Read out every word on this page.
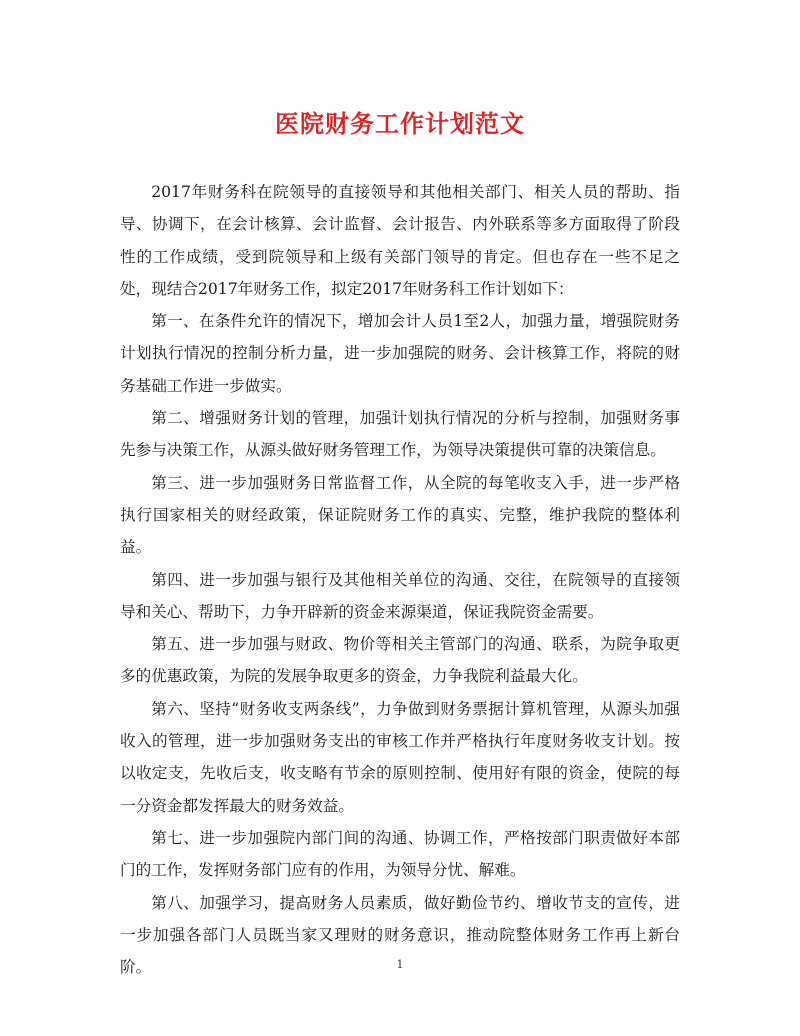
医院财务工作计划范文

2017年财务科在院领导的直接领导和其他相关部门、相关人员的帮助、指导、协调下，在会计核算、会计监督、会计报告、内外联系等多方面取得了阶段性的工作成绩，受到院领导和上级有关部门领导的肯定。但也存在一些不足之处，现结合2017年财务工作，拟定2017年财务科工作计划如下：

第一、在条件允许的情况下，增加会计人员1至2人，加强力量，增强院财务计划执行情况的控制分析力量，进一步加强院的财务、会计核算工作，将院的财务基础工作进一步做实。

第二、增强财务计划的管理，加强计划执行情况的分析与控制，加强财务事先参与决策工作，从源头做好财务管理工作，为领导决策提供可靠的决策信息。

第三、进一步加强财务日常监督工作，从全院的每笔收支入手，进一步严格执行国家相关的财经政策，保证院财务工作的真实、完整，维护我院的整体利益。

第四、进一步加强与银行及其他相关单位的沟通、交往，在院领导的直接领导和关心、帮助下，力争开辟新的资金来源渠道，保证我院资金需要。

第五、进一步加强与财政、物价等相关主管部门的沟通、联系，为院争取更多的优惠政策，为院的发展争取更多的资金，力争我院利益最大化。

第六、坚持“财务收支两条线”，力争做到财务票据计算机管理，从源头加强收入的管理，进一步加强财务支出的审核工作并严格执行年度财务收支计划。按以收定支，先收后支，收支略有节余的原则控制、使用好有限的资金，使院的每一分资金都发挥最大的财务效益。

第七、进一步加强院内部门间的沟通、协调工作，严格按部门职责做好本部门的工作，发挥财务部门应有的作用，为领导分忧、解难。

第八、加强学习，提高财务人员素质，做好勤俭节约、增收节支的宣传，进一步加强各部门人员既当家又理财的财务意识，推动院整体财务工作再上新台阶。	1
